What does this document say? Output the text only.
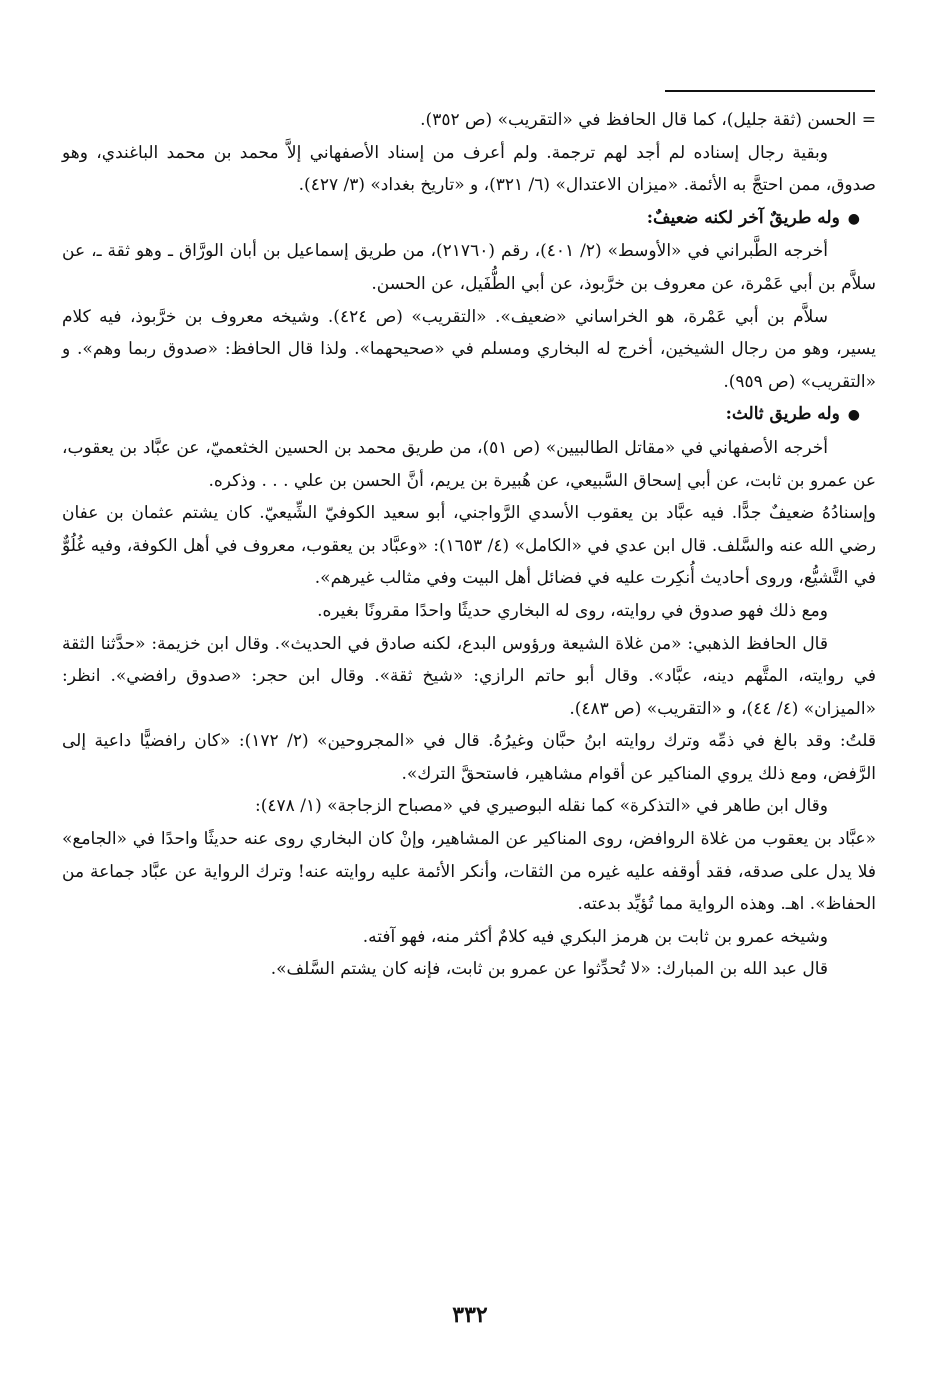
= الحسن (ثقة جليل)، كما قال الحافظ في «التقريب» (ص ٣٥٢).

وبقية رجال إسناده لم أجد لهم ترجمة. ولم أعرف من إسناد الأصفهاني إلاَّ محمد بن محمد الباغندي، وهو صدوق، ممن احتجَّ به الأئمة. «ميزان الاعتدال» (٦/ ٣٢١)، و «تاريخ بغداد» (٣/ ٤٢٧).

●وله طريقٌ آخر لكنه ضعيفٌ:

أخرجه الطَّبراني في «الأوسط» (٢/ ٤٠١)، رقم (٢١٧٦٠)، من طريق إسماعيل بن أبان الورَّاق ـ وهو ثقة ـ، عن سلاَّم بن أبي عَمْرة، عن معروف بن خرَّبوذ، عن أبي الطُّفَيل، عن الحسن.

سلاَّم بن أبي عَمْرة، هو الخراساني «ضعيف». «التقريب» (ص ٤٢٤). وشيخه معروف بن خرَّبوذ، فيه كلام يسير، وهو من رجال الشيخين، أخرج له البخاري ومسلم في «صحيحهما». ولذا قال الحافظ: «صدوق ربما وهم». و «التقريب» (ص ٩٥٩).

●وله طريق ثالث:

أخرجه الأصفهاني في «مقاتل الطالبيين» (ص ٥١)، من طريق محمد بن الحسين الخثعميّ، عن عبَّاد بن يعقوب، عن عمرو بن ثابت، عن أبي إسحاق السَّبيعي، عن هُبيرة بن يريم، أنَّ الحسن بن علي . . . وذكره.

وإسنادُهُ ضعيفٌ جدًّا. فيه عبَّاد بن يعقوب الأسدي الرَّواجني، أبو سعيد الكوفيّ الشِّيعيّ. كان يشتم عثمان بن عفان رضي الله عنه والسَّلف. قال ابن عدي في «الكامل» (٤/ ١٦٥٣): «وعبَّاد بن يعقوب، معروف في أهل الكوفة، وفيه غُلُوٌّ في التَّشيُّع، وروى أحاديث أُنكِرت عليه في فضائل أهل البيت وفي مثالب غيرهم».

ومع ذلك فهو صدوق في روايته، روى له البخاري حديثًا واحدًا مقرونًا بغيره.

قال الحافظ الذهبي: «من غلاة الشيعة ورؤوس البدع، لكنه صادق في الحديث». وقال ابن خزيمة: «حدَّثنا الثقة في روايته، المتَّهم دينه، عبَّاد». وقال أبو حاتم الرازي: «شيخ ثقة». وقال ابن حجر: «صدوق رافضي». انظر: «الميزان» (٤/ ٤٤)، و «التقريب» (ص ٤٨٣).

قلتُ: وقد بالغ في ذمِّه وترك روايته ابنُ حبَّان وغيرُهُ. قال في «المجروحين» (٢/ ١٧٢): «كان رافضيًّا داعية إلى الرَّفض، ومع ذلك يروي المناكير عن أقوام مشاهير، فاستحقَّ الترك».

وقال ابن طاهر في «التذكرة» كما نقله البوصيري في «مصباح الزجاجة» (١/ ٤٧٨):

«عبَّاد بن يعقوب من غلاة الروافض، روى المناكير عن المشاهير، وإنْ كان البخاري روى عنه حديثًا واحدًا في «الجامع» فلا يدل على صدقه، فقد أوقفه عليه غيره من الثقات، وأنكر الأئمة عليه روايته عنه! وترك الرواية عن عبَّاد جماعة من الحفاظ». اهـ. وهذه الرواية مما تُؤيِّد بدعته.

وشيخه عمرو بن ثابت بن هرمز البكري فيه كلامٌ أكثر منه، فهو آفته.

قال عبد الله بن المبارك: «لا تُحدِّثوا عن عمرو بن ثابت، فإنه كان يشتم السَّلف».

٣٣٢
